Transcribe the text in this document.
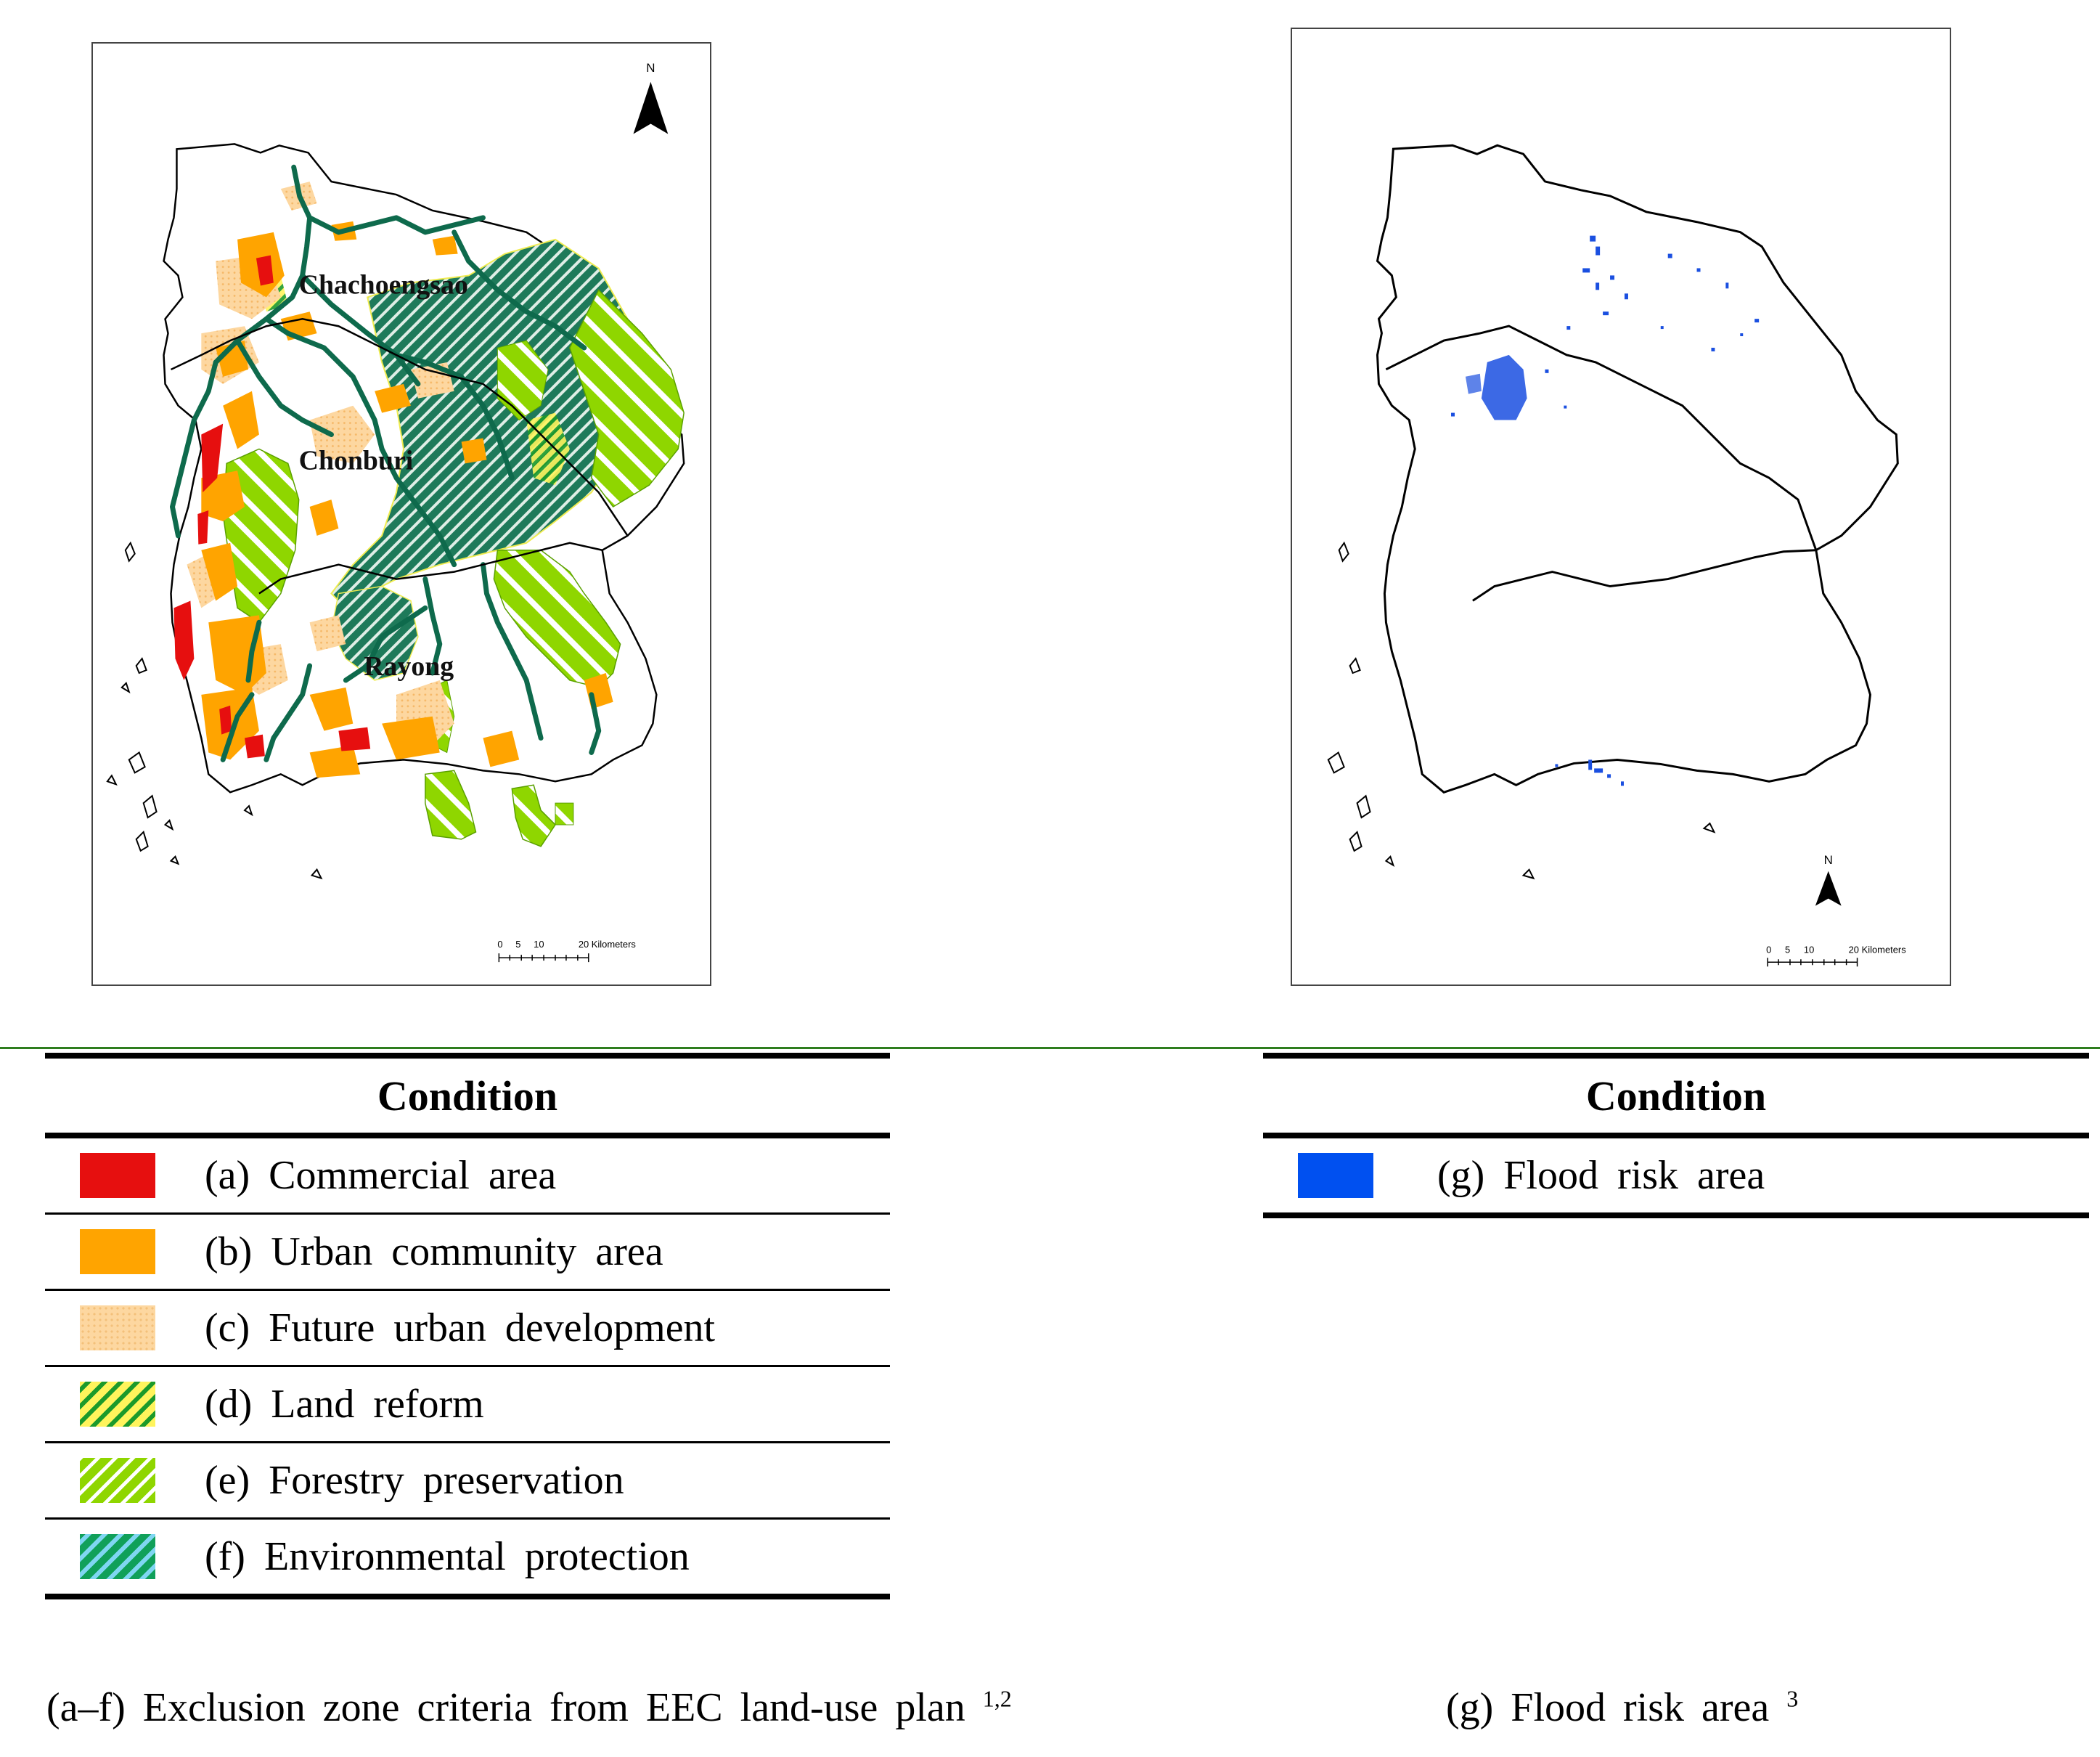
Chachoengsao
Chonburi
Rayong
N
0 5 10	20 Kilometers
N
0 5 10	20 Kilometers
Condition	

	(a) Commercial area

	(b) Urban community area

	(c) Future urban development

	(d) Land reform

	(e) Forestry preservation

	(f) Environmental protection
Condition

	(g) Flood risk area
(a–f) Exclusion zone criteria from EEC land-use plan $^{1,2}$	(g) Flood risk area $^3$
